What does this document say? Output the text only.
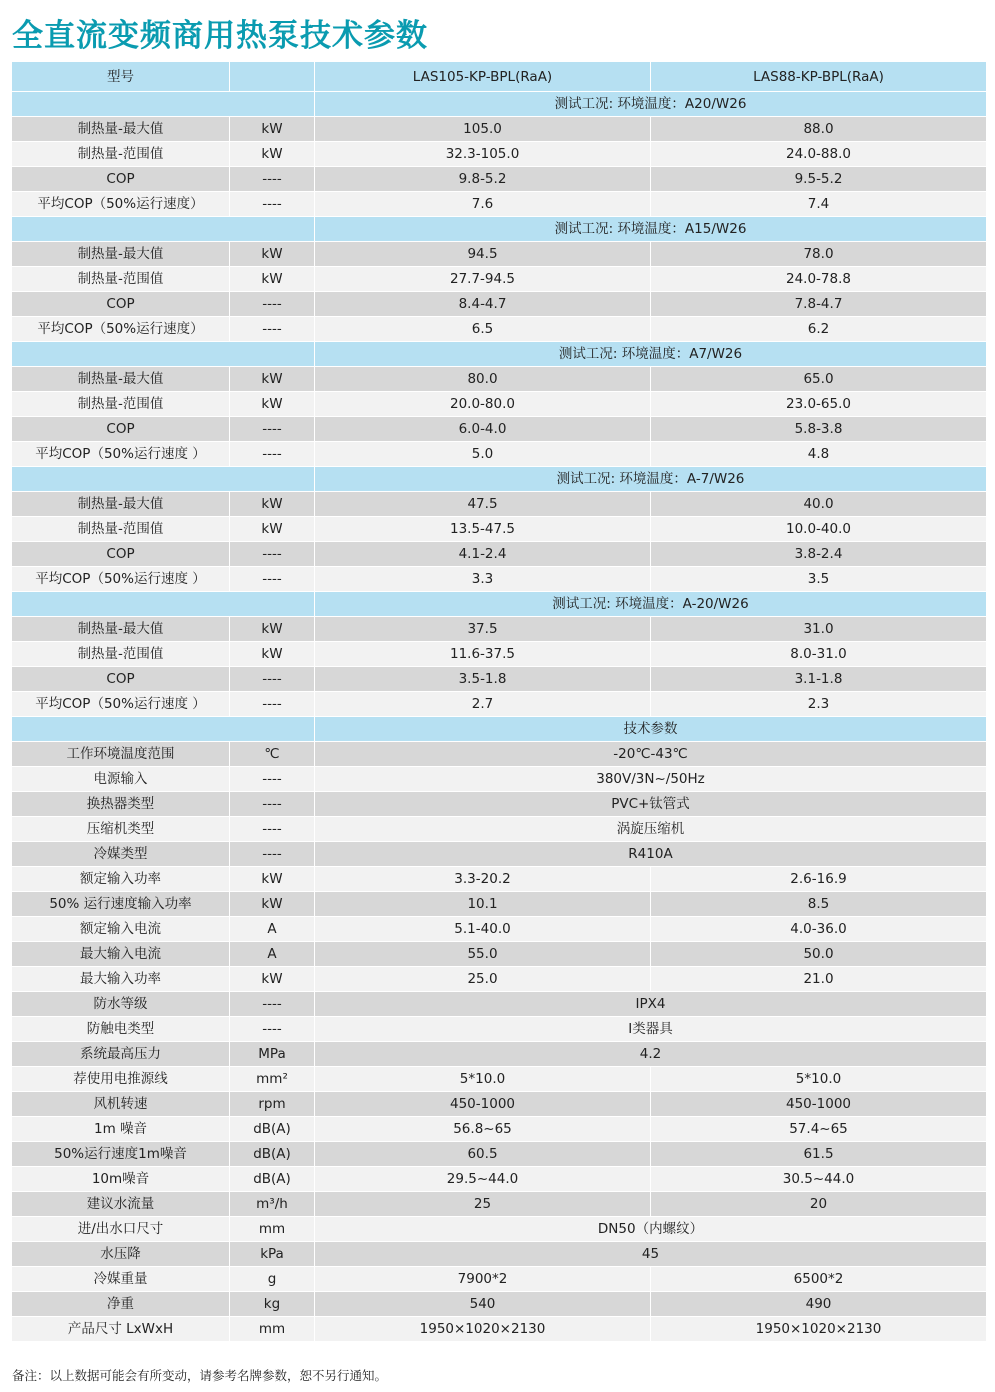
全直流变频商用热泵技术参数
型号		LAS105-KP-BPL(RaA)	LAS88-KP-BPL(RaA)
		测试工况: 环境温度：A20/W26	
制热量-最大值	kW	105.0	88.0
制热量-范围值	kW	32.3-105.0	24.0-88.0
COP	----	9.8-5.2	9.5-5.2
平均COP（50%运行速度）	----	7.6	7.4
		测试工况: 环境温度：A15/W26	
制热量-最大值	kW	94.5	78.0
制热量-范围值	kW	27.7-94.5	24.0-78.8
COP	----	8.4-4.7	7.8-4.7
平均COP（50%运行速度）	----	6.5	6.2
		测试工况: 环境温度：A7/W26	
制热量-最大值	kW	80.0	65.0
制热量-范围值	kW	20.0-80.0	23.0-65.0
COP	----	6.0-4.0	5.8-3.8
平均COP（50%运行速度 ）	----	5.0	4.8
		测试工况: 环境温度：A-7/W26	
制热量-最大值	kW	47.5	40.0
制热量-范围值	kW	13.5-47.5	10.0-40.0
COP	----	4.1-2.4	3.8-2.4
平均COP（50%运行速度 ）	----	3.3	3.5
		测试工况: 环境温度：A-20/W26	
制热量-最大值	kW	37.5	31.0
制热量-范围值	kW	11.6-37.5	8.0-31.0
COP	----	3.5-1.8	3.1-1.8
平均COP（50%运行速度 ）	----	2.7	2.3
		技术参数	
工作环境温度范围	℃	-20℃-43℃	
电源输入	----	380V/3N~/50Hz	
换热器类型	----	PVC+钛管式	
压缩机类型	----	涡旋压缩机	
冷媒类型	----	R410A	
额定输入功率	kW	3.3-20.2	2.6-16.9
50% 运行速度输入功率	kW	10.1	8.5
额定输入电流	A	5.1-40.0	4.0-36.0
最大输入电流	A	55.0	50.0
最大输入功率	kW	25.0	21.0
防水等级	----	IPX4	
防触电类型	----	I类器具	
系统最高压力	MPa	4.2	
荐使用电推源线	mm²	5*10.0	5*10.0
风机转速	rpm	450-1000	450-1000
1m 噪音	dB(A)	56.8~65	57.4~65
50%运行速度1m噪音	dB(A)	60.5	61.5
10m噪音	dB(A)	29.5~44.0	30.5~44.0
建议水流量	m³/h	25	20
进/出水口尺寸	mm	DN50（内螺纹）	
水压降	kPa	45	
冷媒重量	g	7900*2	6500*2
净重	kg	540	490
产品尺寸 LxWxH	mm	1950×1020×2130	1950×1020×2130
备注：以上数据可能会有所变动，请参考名牌参数，恕不另行通知。
